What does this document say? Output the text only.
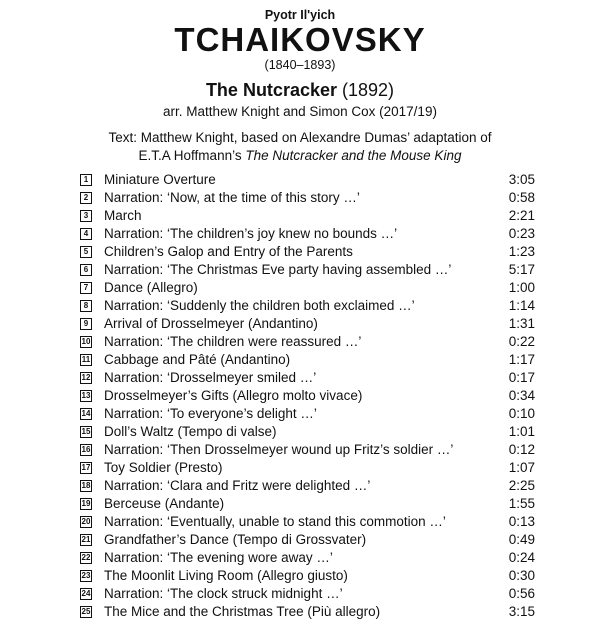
Pyotr Il'yich
TCHAIKOVSKY
(1840–1893)
The Nutcracker (1892)
arr. Matthew Knight and Simon Cox (2017/19)
Text: Matthew Knight, based on Alexandre Dumas’ adaptation of
E.T.A Hoffmann’s The Nutcracker and the Mouse King
1 Miniature Overture	3:05
2 Narration: ‘Now, at the time of this story …’	0:58
3 March	2:21
4 Narration: ‘The children’s joy knew no bounds …’	0:23
5 Children’s Galop and Entry of the Parents	1:23
6 Narration: ‘The Christmas Eve party having assembled …’	5:17
7 Dance (Allegro)	1:00
8 Narration: ‘Suddenly the children both exclaimed …’	1:14
9 Arrival of Drosselmeyer (Andantino)	1:31
10 Narration: ‘The children were reassured …’	0:22
11 Cabbage and Pâté (Andantino)	1:17
12 Narration: ‘Drosselmeyer smiled …’	0:17
13 Drosselmeyer’s Gifts (Allegro molto vivace)	0:34
14 Narration: ‘To everyone’s delight …’	0:10
15 Doll’s Waltz (Tempo di valse)	1:01
16 Narration: ‘Then Drosselmeyer wound up Fritz’s soldier …’	0:12
17 Toy Soldier (Presto)	1:07
18 Narration: ‘Clara and Fritz were delighted …’	2:25
19 Berceuse (Andante)	1:55
20 Narration: ‘Eventually, unable to stand this commotion …’	0:13
21 Grandfather’s Dance (Tempo di Grossvater)	0:49
22 Narration: ‘The evening wore away …’	0:24
23 The Moonlit Living Room (Allegro giusto)	0:30
24 Narration: ‘The clock struck midnight …’	0:56
25 The Mice and the Christmas Tree (Più allegro)	3:15
